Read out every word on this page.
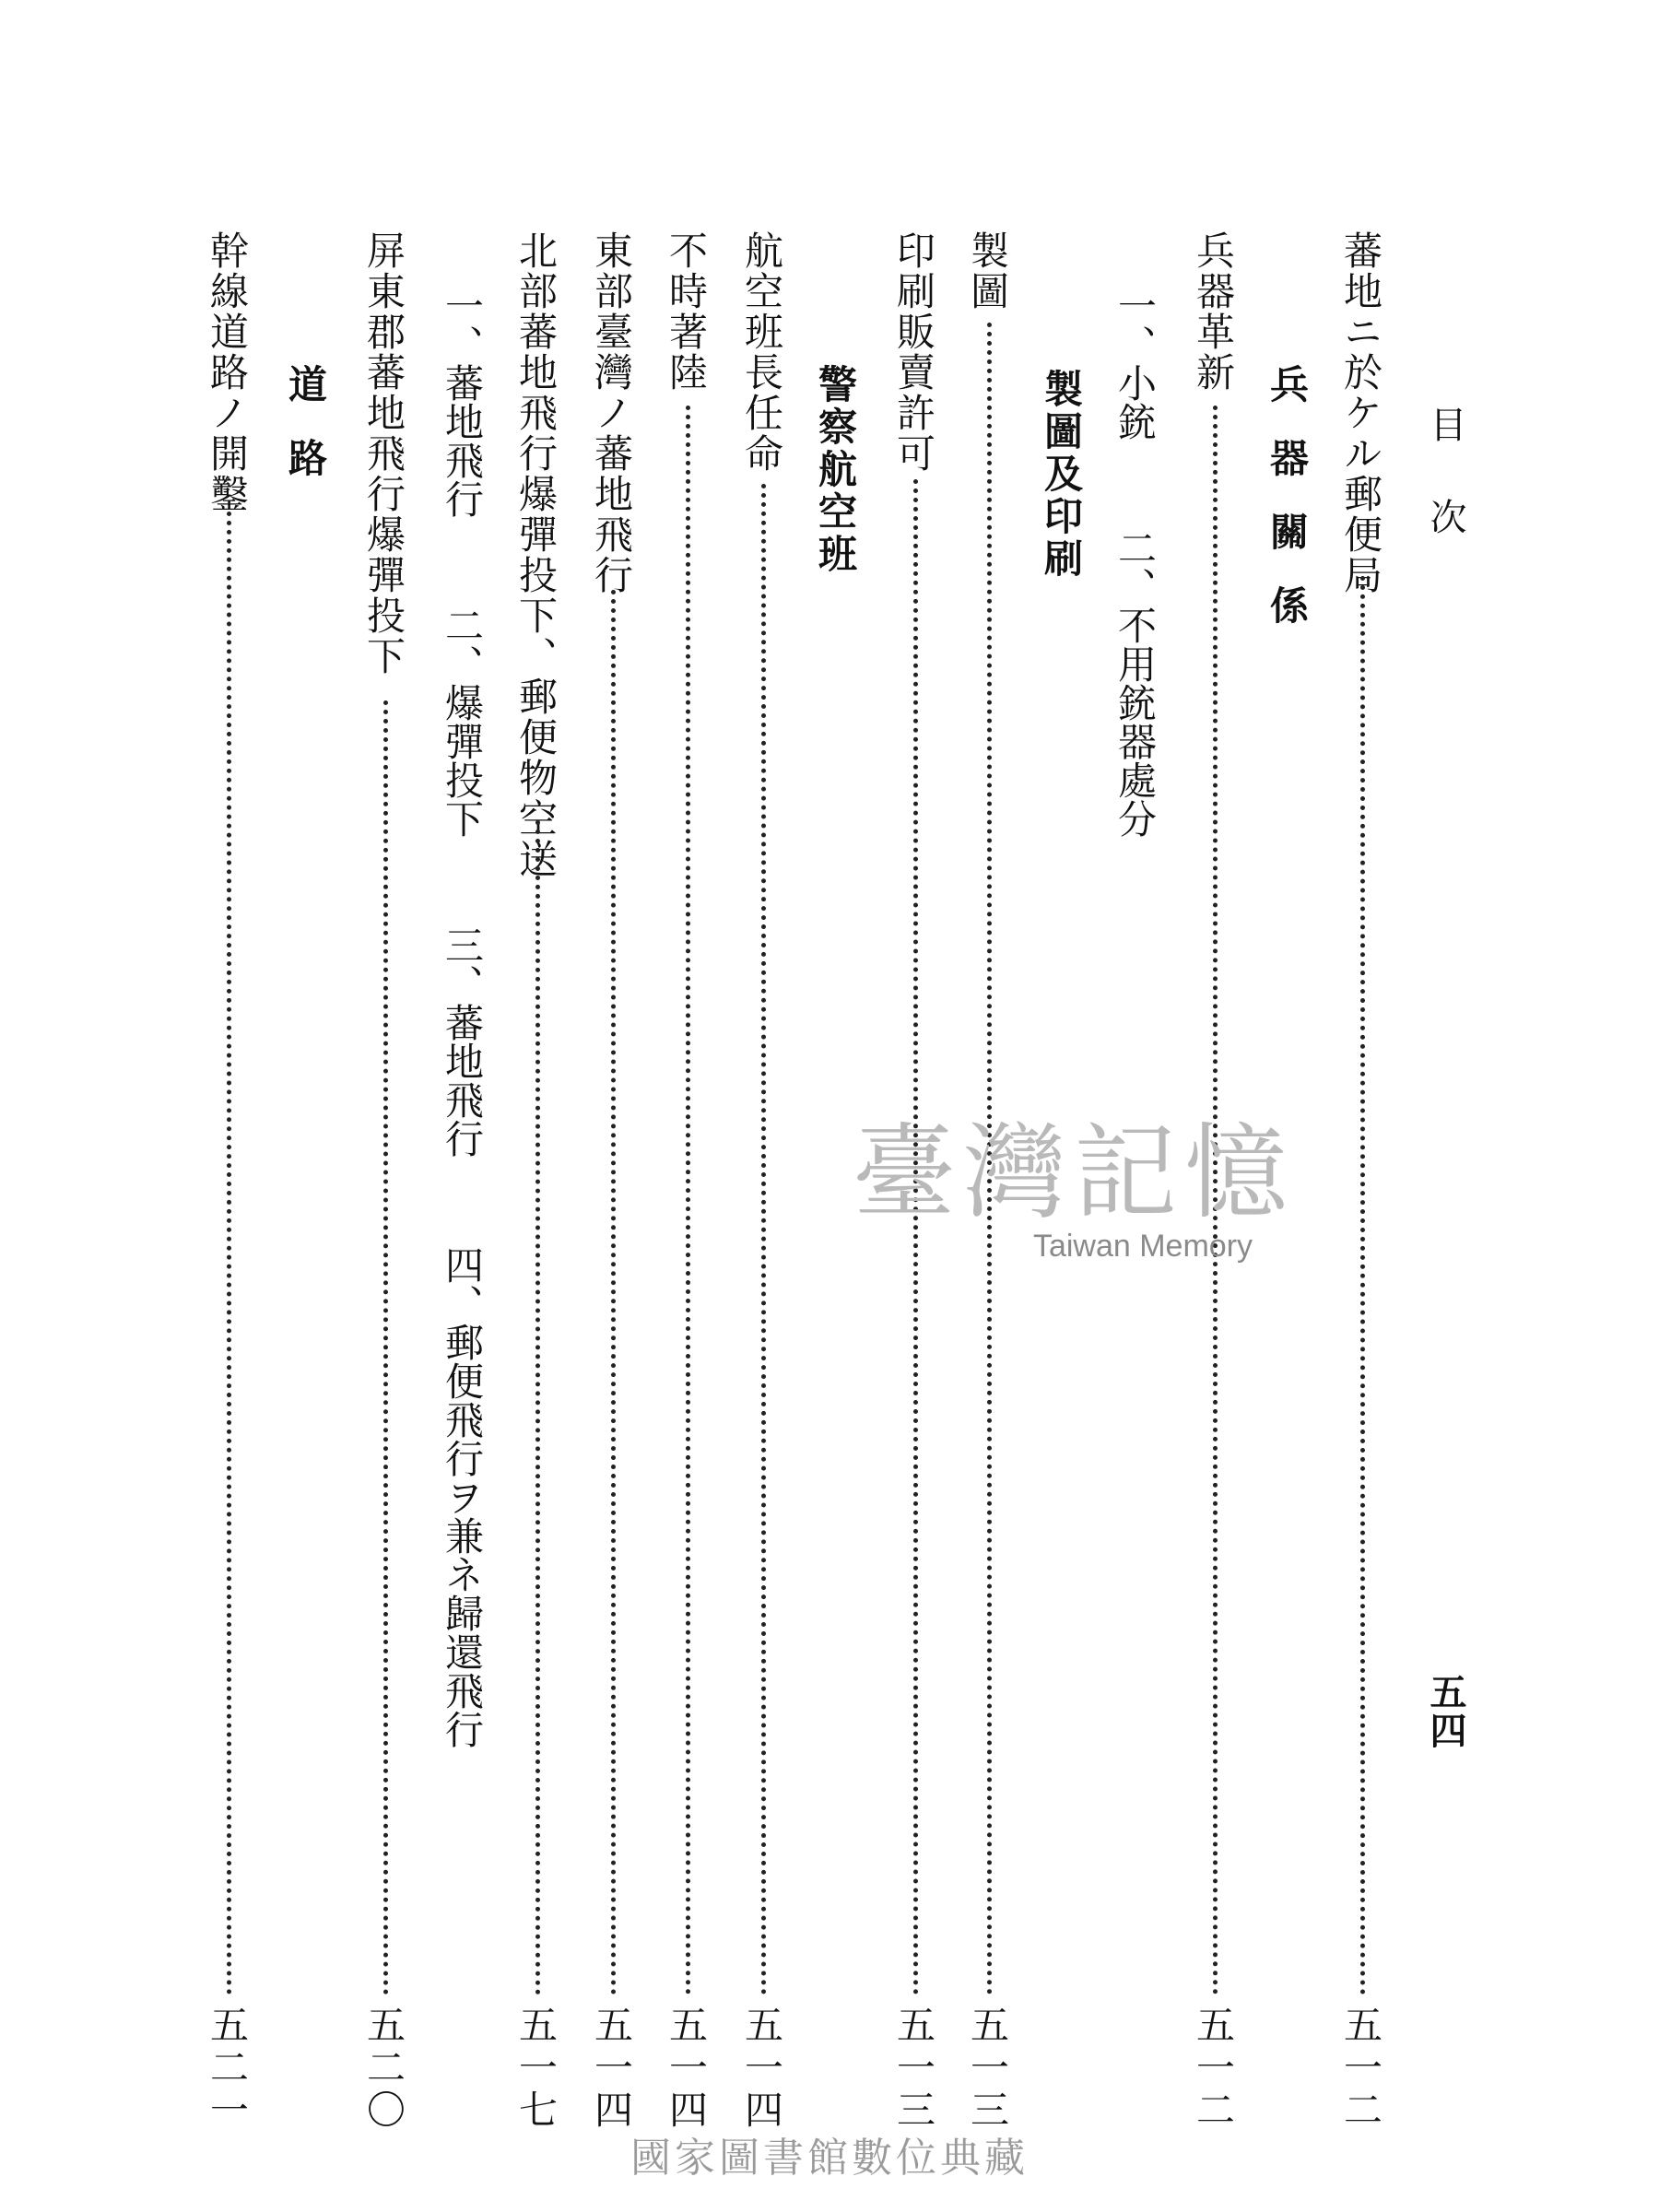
目次
五四
蕃地ニ於ケル郵便局
五一二
兵器關係
兵器革新
五一二
一、小銃 二、不用銃器處分
製圖及印刷
製圖
五一三
印刷販賣許可
五一三
警察航空班
航空班長任命
五一四
不時著陸
五一四
東部臺灣ノ蕃地飛行
五一四
北部蕃地飛行爆彈投下、郵便物空送
五一七
一、蕃地飛行 二、爆彈投下 三、蕃地飛行 四、郵便飛行ヲ兼ネ歸還飛行
屏東郡蕃地飛行爆彈投下
五二〇
道路
幹線道路ノ開鑿
五二一
臺灣記憶
Taiwan Memory
國家圖書館數位典藏
